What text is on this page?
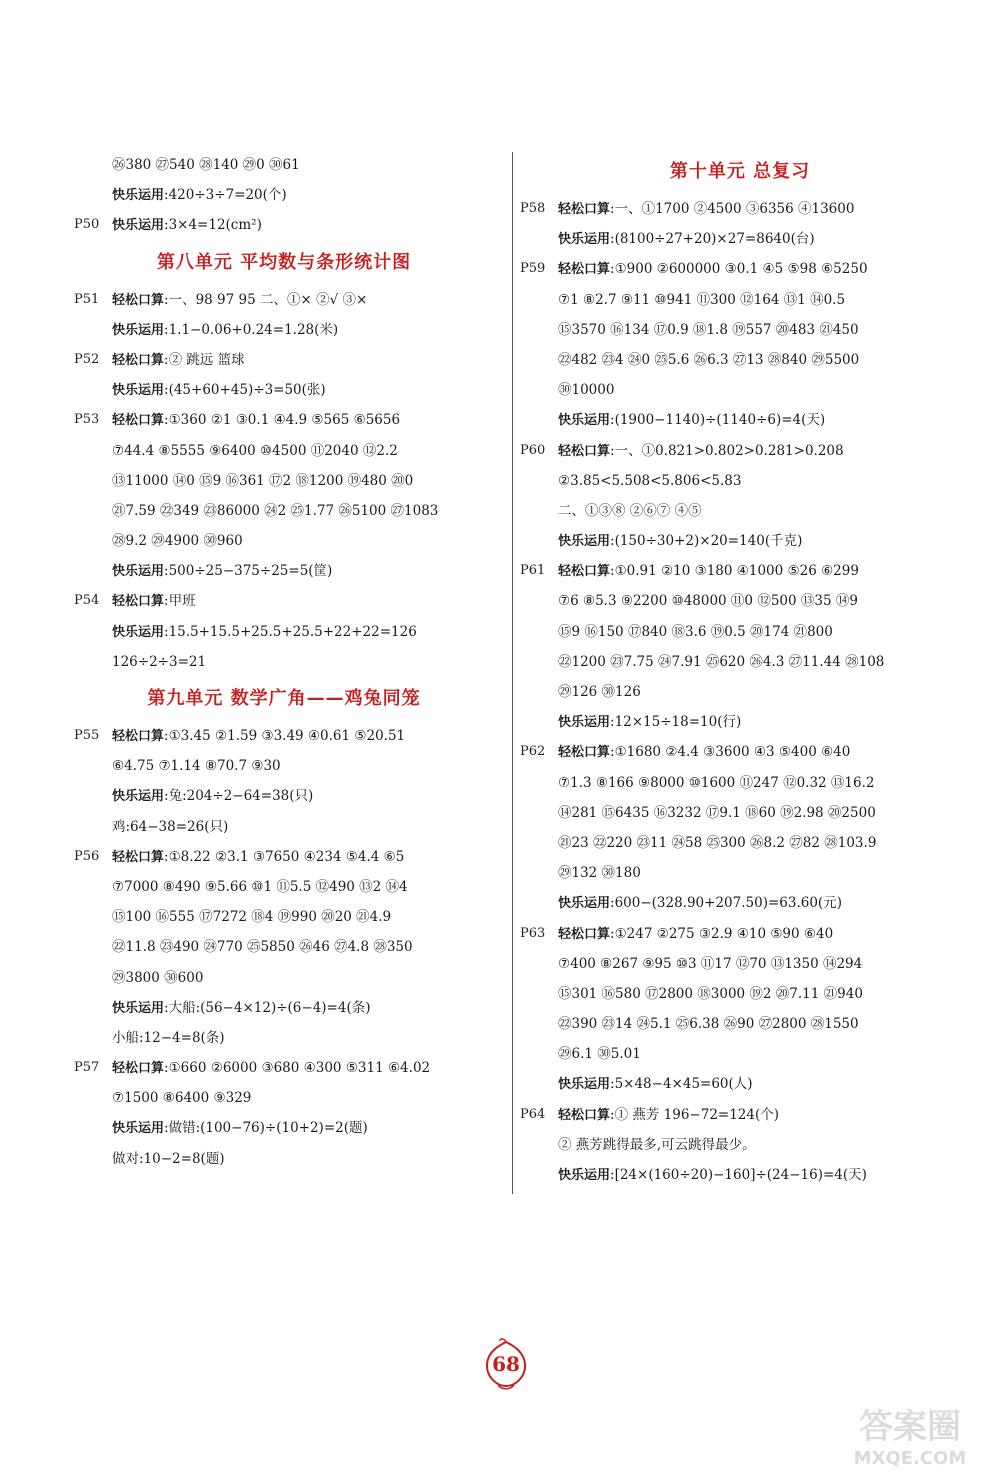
㉖380 ㉗540 ㉘140 ㉙0 ㉚61
快乐运用:420÷3÷7=20(个)
P50 快乐运用:3×4=12(cm²)
第八单元 平均数与条形统计图
P51 轻松口算:一、98 97 95 二、①× ②√ ③×
快乐运用:1.1−0.06+0.24=1.28(米)
P52 轻松口算:② 跳远 篮球
快乐运用:(45+60+45)÷3=50(张)
P53 轻松口算:①360 ②1 ③0.1 ④4.9 ⑤565 ⑥5656
⑦44.4 ⑧5555 ⑨6400 ⑩4500 ⑪2040 ⑫2.2
⑬11000 ⑭0 ⑮9 ⑯361 ⑰2 ⑱1200 ⑲480 ⑳0
㉑7.59 ㉒349 ㉓86000 ㉔2 ㉕1.77 ㉖5100 ㉗1083
㉘9.2 ㉙4900 ㉚960
快乐运用:500÷25−375÷25=5(筐)
P54 轻松口算:甲班
快乐运用:15.5+15.5+25.5+25.5+22+22=126
126÷2÷3=21
第九单元 数学广角——鸡兔同笼
P55 轻松口算:①3.45 ②1.59 ③3.49 ④0.61 ⑤20.51
⑥4.75 ⑦1.14 ⑧70.7 ⑨30
快乐运用:兔:204÷2−64=38(只)
鸡:64−38=26(只)
P56 轻松口算:①8.22 ②3.1 ③7650 ④234 ⑤4.4 ⑥5
⑦7000 ⑧490 ⑨5.66 ⑩1 ⑪5.5 ⑫490 ⑬2 ⑭4
⑮100 ⑯555 ⑰7272 ⑱4 ⑲990 ⑳20 ㉑4.9
㉒11.8 ㉓490 ㉔770 ㉕5850 ㉖46 ㉗4.8 ㉘350
㉙3800 ㉚600
快乐运用:大船:(56−4×12)÷(6−4)=4(条)
小船:12−4=8(条)
P57 轻松口算:①660 ②6000 ③680 ④300 ⑤311 ⑥4.02
⑦1500 ⑧6400 ⑨329
快乐运用:做错:(100−76)÷(10+2)=2(题)
做对:10−2=8(题)
第十单元 总复习
P58 轻松口算:一、①1700 ②4500 ③6356 ④13600
快乐运用:(8100÷27+20)×27=8640(台)
P59 轻松口算:①900 ②600000 ③0.1 ④5 ⑤98 ⑥5250
⑦1 ⑧2.7 ⑨11 ⑩941 ⑪300 ⑫164 ⑬1 ⑭0.5
⑮3570 ⑯134 ⑰0.9 ⑱1.8 ⑲557 ⑳483 ㉑450
㉒482 ㉓4 ㉔0 ㉕5.6 ㉖6.3 ㉗13 ㉘840 ㉙5500
㉚10000
快乐运用:(1900−1140)÷(1140÷6)=4(天)
P60 轻松口算:一、①0.821>0.802>0.281>0.208
②3.85<5.508<5.806<5.83
二、①③⑧ ②⑥⑦ ④⑤
快乐运用:(150÷30+2)×20=140(千克)
P61 轻松口算:①0.91 ②10 ③180 ④1000 ⑤26 ⑥299
⑦6 ⑧5.3 ⑨2200 ⑩48000 ⑪0 ⑫500 ⑬35 ⑭9
⑮9 ⑯150 ⑰840 ⑱3.6 ⑲0.5 ⑳174 ㉑800
㉒1200 ㉓7.75 ㉔7.91 ㉕620 ㉖4.3 ㉗11.44 ㉘108
㉙126 ㉚126
快乐运用:12×15÷18=10(行)
P62 轻松口算:①1680 ②4.4 ③3600 ④3 ⑤400 ⑥40
⑦1.3 ⑧166 ⑨8000 ⑩1600 ⑪247 ⑫0.32 ⑬16.2
⑭281 ⑮6435 ⑯3232 ⑰9.1 ⑱60 ⑲2.98 ⑳2500
㉑23 ㉒220 ㉓11 ㉔58 ㉕300 ㉖8.2 ㉗82 ㉘103.9
㉙132 ㉚180
快乐运用:600−(328.90+207.50)=63.60(元)
P63 轻松口算:①247 ②275 ③2.9 ④10 ⑤90 ⑥40
⑦400 ⑧267 ⑨95 ⑩3 ⑪17 ⑫70 ⑬1350 ⑭294
⑮301 ⑯580 ⑰2800 ⑱3000 ⑲2 ⑳7.11 ㉑940
㉒390 ㉓14 ㉔5.1 ㉕6.38 ㉖90 ㉗2800 ㉘1550
㉙6.1 ㉚5.01
快乐运用:5×48−4×45=60(人)
P64 轻松口算:① 燕芳 196−72=124(个)
② 燕芳跳得最多,可云跳得最少。
快乐运用:[24×(160÷20)−160]÷(24−16)=4(天)
68
答案圈
MXQE.COM
